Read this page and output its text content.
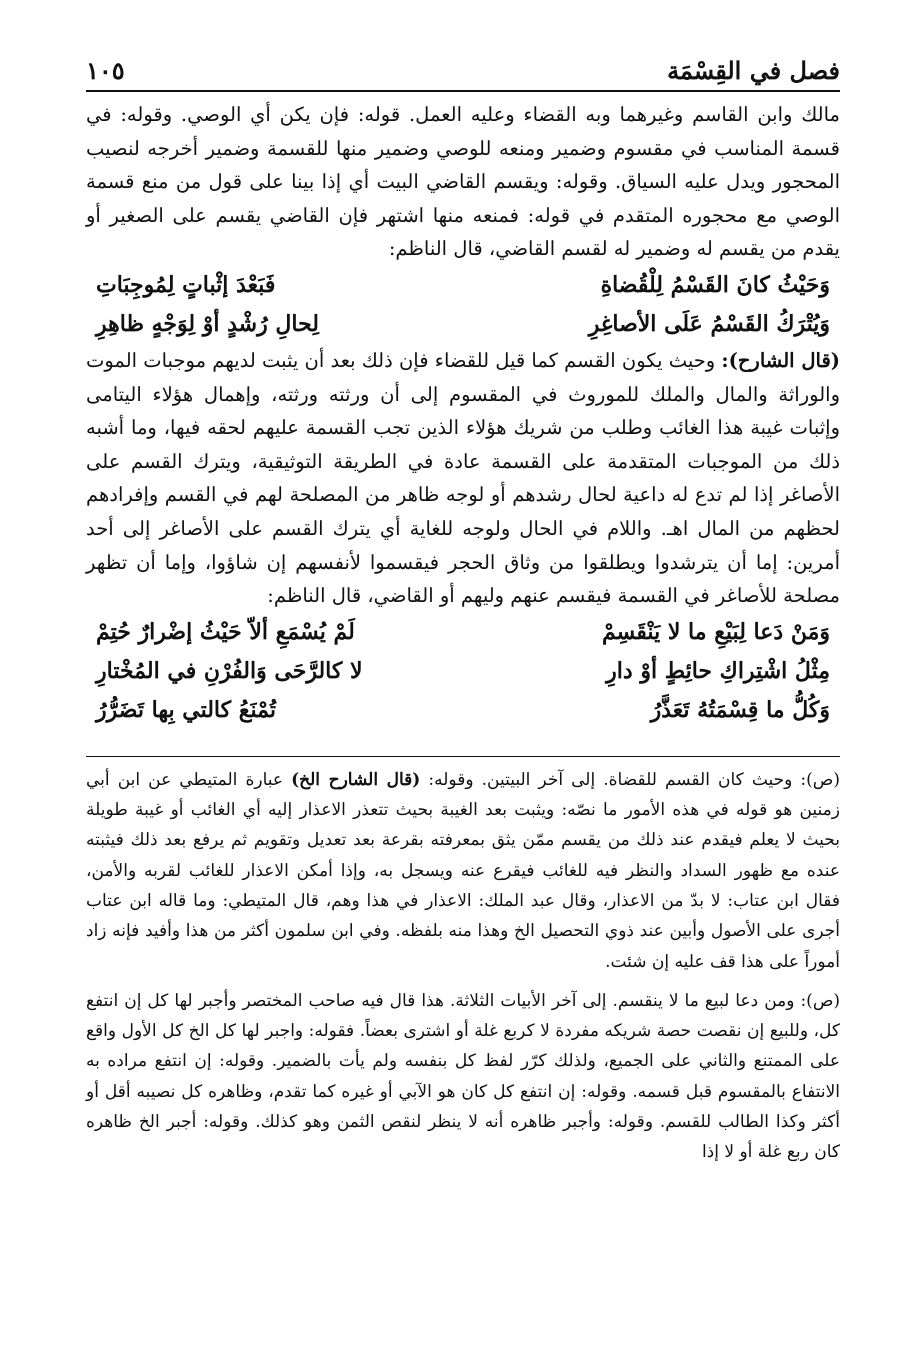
فصل في القِسْمَة
١٠٥

مالك وابن القاسم وغيرهما وبه القضاء وعليه العمل. قوله: فإن يكن أي الوصي. وقوله: في قسمة المناسب في مقسوم وضمير ومنعه للوصي وضمير منها للقسمة وضمير أخرجه لنصيب المحجور ويدل عليه السياق. وقوله: ويقسم القاضي البيت أي إذا بينا على قول من منع قسمة الوصي مع محجوره المتقدم في قوله: فمنعه منها اشتهر فإن القاضي يقسم على الصغير أو يقدم من يقسم له وضمير له لقسم القاضي، قال الناظم:

وَحَيْثُ كانَ القَسْمُ لِلْقُضاةِ
فَبَعْدَ إثْباتٍ لِمُوجِبَاتِ
وَيُتْرَكُ القَسْمُ عَلَى الأصاغِرِ
لِحالِ رُشْدٍ أوْ لِوَجْهٍ ظاهِرِ

(قال الشارح): وحيث يكون القسم كما قيل للقضاء فإن ذلك بعد أن يثبت لديهم موجبات الموت والوراثة والمال والملك للموروث في المقسوم إلى أن ورثته ورثته، وإهمال هؤلاء اليتامى وإثبات غيبة هذا الغائب وطلب من شريك هؤلاء الذين تجب القسمة عليهم لحقه فيها، وما أشبه ذلك من الموجبات المتقدمة على القسمة عادة في الطريقة التوثيقية، ويترك القسم على الأصاغر إذا لم تدع له داعية لحال رشدهم أو لوجه ظاهر من المصلحة لهم في القسم وإفرادهم لحظهم من المال اهـ. واللام في الحال ولوجه للغاية أي يترك القسم على الأصاغر إلى أحد أمرين: إما أن يترشدوا ويطلقوا من وثاق الحجر فيقسموا لأنفسهم إن شاؤوا، وإما أن تظهر مصلحة للأصاغر في القسمة فيقسم عنهم وليهم أو القاضي، قال الناظم:

وَمَنْ دَعا لِبَيْعِ ما لا يَنْقَسِمْ
لَمْ يُسْمَعِ ألاّ حَيْثُ إضْرارٌ حُتِمْ
مِثْلُ اشْتِراكِ حائِطٍ أوْ دارِ
لا كالرَّحَى وَالفُرْنِ في المُخْتارِ
وَكُلُّ ما قِسْمَتُهُ تَعَذَّرُ
تُمْنَعُ كالتي بِها تَضَرُّرُ

(ص): وحيث كان القسم للقضاة. إلى آخر البيتين. وقوله: (قال الشارح الخ) عبارة المتيطي عن ابن أبي زمنين هو قوله في هذه الأمور ما نصّه: ويثبت بعد الغيبة بحيث تتعذر الاعذار إليه أي الغائب أو غيبة طويلة بحيث لا يعلم فيقدم عند ذلك من يقسم ممّن يثق بمعرفته بقرعة بعد تعديل وتقويم ثم يرفع بعد ذلك فيثبته عنده مع ظهور السداد والنظر فيه للغائب فيقرع عنه ويسجل به، وإذا أمكن الاعذار للغائب لقربه والأمن، فقال ابن عتاب: لا بدّ من الاعذار، وقال عبد الملك: الاعذار في هذا وهم، قال المتيطي: وما قاله ابن عتاب أجرى على الأصول وأبين عند ذوي التحصيل الخ وهذا منه بلفظه. وفي ابن سلمون أكثر من هذا وأفيد فإنه زاد أموراً على هذا قف عليه إن شئت.

(ص): ومن دعا لبيع ما لا ينقسم. إلى آخر الأبيات الثلاثة. هذا قال فيه صاحب المختصر وأجبر لها كل إن انتفع كل، وللبيع إن نقصت حصة شريكه مفردة لا كربع غلة أو اشترى بعضاً. فقوله: واجبر لها كل الخ كل الأول واقع على الممتنع والثاني على الجميع، ولذلك كرّر لفظ كل بنفسه ولم يأت بالضمير. وقوله: إن انتفع مراده به الانتفاع بالمقسوم قبل قسمه. وقوله: إن انتفع كل كان هو الآبي أو غيره كما تقدم، وظاهره كل نصيبه أقل أو أكثر وكذا الطالب للقسم. وقوله: وأجبر ظاهره أنه لا ينظر لنقص الثمن وهو كذلك. وقوله: أجبر الخ ظاهره كان ربع غلة أو لا إذا
